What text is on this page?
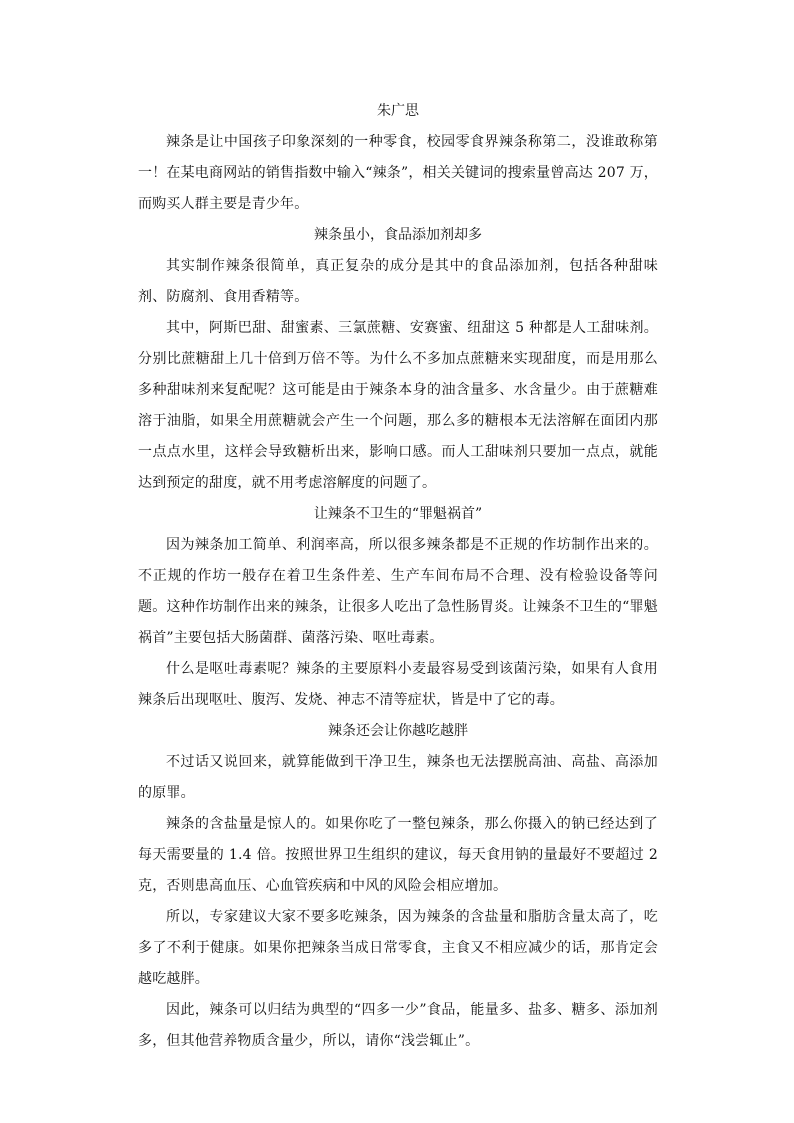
朱广思

辣条是让中国孩子印象深刻的一种零食，校园零食界辣条称第二，没谁敢称第一！在某电商网站的销售指数中输入“辣条”，相关关键词的搜索量曾高达 207 万，而购买人群主要是青少年。

辣条虽小，食品添加剂却多

其实制作辣条很简单，真正复杂的成分是其中的食品添加剂，包括各种甜味剂、防腐剂、食用香精等。

其中，阿斯巴甜、甜蜜素、三氯蔗糖、安赛蜜、纽甜这 5 种都是人工甜味剂。分别比蔗糖甜上几十倍到万倍不等。为什么不多加点蔗糖来实现甜度，而是用那么多种甜味剂来复配呢？这可能是由于辣条本身的油含量多、水含量少。由于蔗糖难溶于油脂，如果全用蔗糖就会产生一个问题，那么多的糖根本无法溶解在面团内那一点点水里，这样会导致糖析出来，影响口感。而人工甜味剂只要加一点点，就能达到预定的甜度，就不用考虑溶解度的问题了。

让辣条不卫生的“罪魁祸首”

因为辣条加工简单、利润率高，所以很多辣条都是不正规的作坊制作出来的。不正规的作坊一般存在着卫生条件差、生产车间布局不合理、没有检验设备等问题。这种作坊制作出来的辣条，让很多人吃出了急性肠胃炎。让辣条不卫生的“罪魁祸首”主要包括大肠菌群、菌落污染、呕吐毒素。

什么是呕吐毒素呢？辣条的主要原料小麦最容易受到该菌污染，如果有人食用辣条后出现呕吐、腹泻、发烧、神志不清等症状，皆是中了它的毒。

辣条还会让你越吃越胖

不过话又说回来，就算能做到干净卫生，辣条也无法摆脱高油、高盐、高添加的原罪。

辣条的含盐量是惊人的。如果你吃了一整包辣条，那么你摄入的钠已经达到了每天需要量的 1.4 倍。按照世界卫生组织的建议，每天食用钠的量最好不要超过 2 克，否则患高血压、心血管疾病和中风的风险会相应增加。

所以，专家建议大家不要多吃辣条，因为辣条的含盐量和脂肪含量太高了，吃多了不利于健康。如果你把辣条当成日常零食，主食又不相应减少的话，那肯定会越吃越胖。

因此，辣条可以归结为典型的“四多一少”食品，能量多、盐多、糖多、添加剂多，但其他营养物质含量少，所以，请你“浅尝辄止”。
